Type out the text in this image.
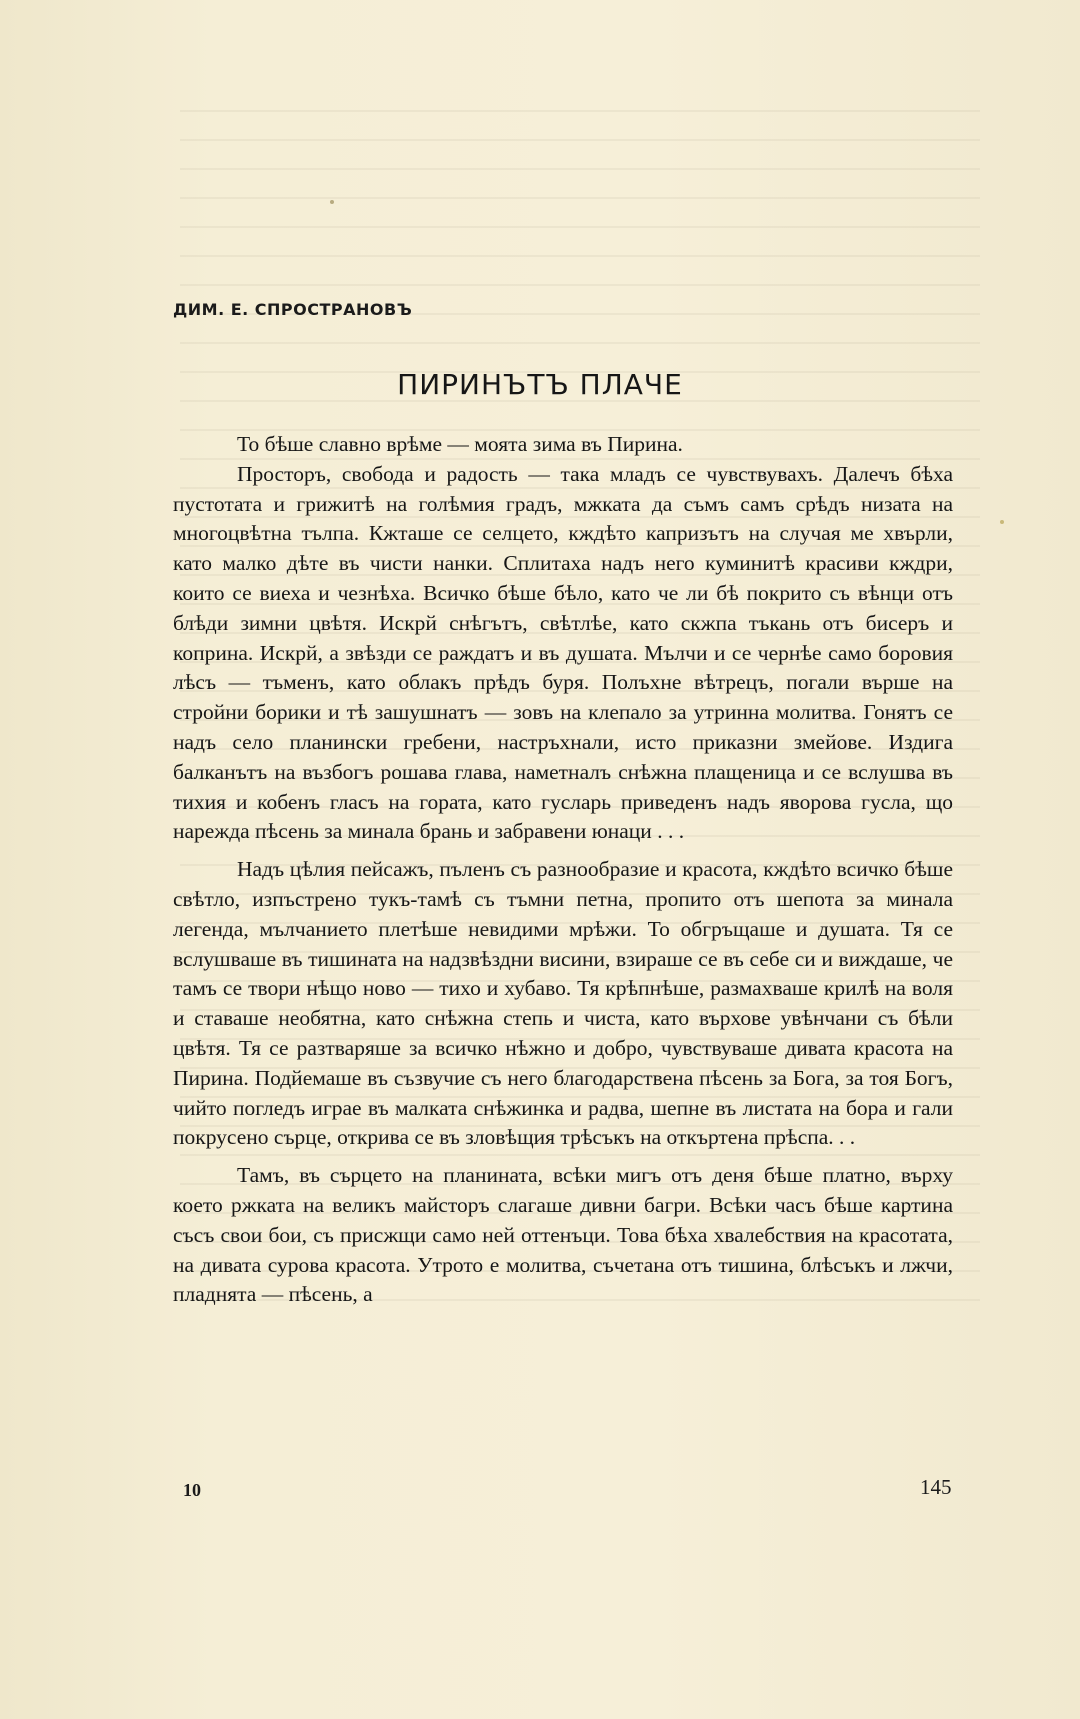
ДИМ. Е. СПРОСТРАНОВЪ
ПИРИНЪТЪ ПЛАЧЕ

То бѣше славно врѣме — моята зима въ Пирина.

Просторъ, свобода и радость — така младъ се чувствувахъ. Далечъ бѣха пустотата и грижитѣ на голѣмия градъ, мжката да съмъ самъ срѣдъ низата на многоцвѣтна тълпа. Кжташе се селцето, кждѣто капризътъ на случая ме хвърли, като малко дѣте въ чисти нанки. Сплитаха надъ него куминитѣ красиви кждри, които се виеха и чезнѣха. Всичко бѣше бѣло, като че ли бѣ покрито съ вѣнци отъ блѣди зимни цвѣтя. Искрй снѣгътъ, свѣтлѣе, като скжпа тъкань отъ бисеръ и коприна. Искрй, а звѣзди се раждатъ и въ душата. Мълчи и се чернѣе само боровия лѣсъ — тъменъ, като облакъ прѣдъ буря. Полъхне вѣтрецъ, погали върше на стройни борики и тѣ зашушнатъ — зовъ на клепало за утринна молитва. Гонятъ се надъ село планински гребени, настръхнали, исто приказни змейове. Издига балканътъ на възбогъ рошава глава, наметналъ снѣжна плащеница и се вслушва въ тихия и кобенъ гласъ на гората, като гусларь приведенъ надъ яворова гусла, що нарежда пѣсень за минала брань и забравени юнаци . . .

Надъ цѣлия пейсажъ, пъленъ съ разнообразие и красота, кждѣто всичко бѣше свѣтло, изпъстрено тукъ-тамѣ съ тъмни петна, пропито отъ шепота за минала легенда, мълчанието плетѣше невидими мрѣжи. То обгръщаше и душата. Тя се вслушваше въ тишината на надзвѣздни висини, взираше се въ себе си и виждаше, че тамъ се твори нѣщо ново — тихо и хубаво. Тя крѣпнѣше, размахваше крилѣ на воля и ставаше необятна, като снѣжна степь и чиста, като върхове увѣнчани съ бѣли цвѣтя. Тя се разтваряше за всичко нѣжно и добро, чувствуваше дивата красота на Пирина. Подйемаше въ съзвучие съ него благодарствена пѣсень за Бога, за тоя Богъ, чийто погледъ играе въ малката снѣжинка и радва, шепне въ листата на бора и гали покрусено сърце, открива се въ зловѣщия трѣсъкъ на откъртена прѣспа. . .

Тамъ, въ сърцето на планината, всѣки мигъ отъ деня бѣше платно, върху което ржката на великъ майсторъ слагаше дивни багри. Всѣки часъ бѣше картина съсъ свои бои, съ присжщи само ней оттенъци. Това бѣха хвалебствия на красотата, на дивата сурова красота. Утрото е молитва, съчетана отъ тишина, блѣсъкъ и лжчи, пладнята — пѣсень, а

10	145
